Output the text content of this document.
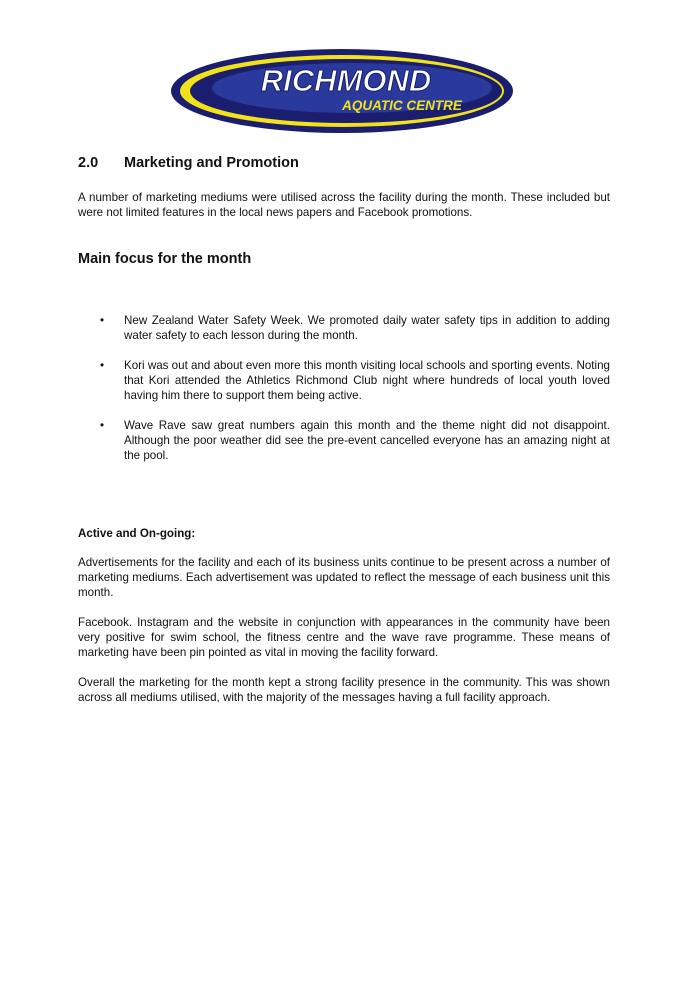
RICHMOND
AQUATIC CENTRE
2.0 Marketing and Promotion

A number of marketing mediums were utilised across the facility during the month. These included but were not limited features in the local news papers and Facebook promotions.

Main focus for the month
• New Zealand Water Safety Week. We promoted daily water safety tips in addition to adding water safety to each lesson during the month.
• Kori was out and about even more this month visiting local schools and sporting events. Noting that Kori attended the Athletics Richmond Club night where hundreds of local youth loved having him there to support them being active.
• Wave Rave saw great numbers again this month and the theme night did not disappoint. Although the poor weather did see the pre-event cancelled everyone has an amazing night at the pool.
Active and On-going:

Advertisements for the facility and each of its business units continue to be present across a number of marketing mediums. Each advertisement was updated to reflect the message of each business unit this month.

Facebook. Instagram and the website in conjunction with appearances in the community have been very positive for swim school, the fitness centre and the wave rave programme. These means of marketing have been pin pointed as vital in moving the facility forward.

Overall the marketing for the month kept a strong facility presence in the community. This was shown across all mediums utilised, with the majority of the messages having a full facility approach.
